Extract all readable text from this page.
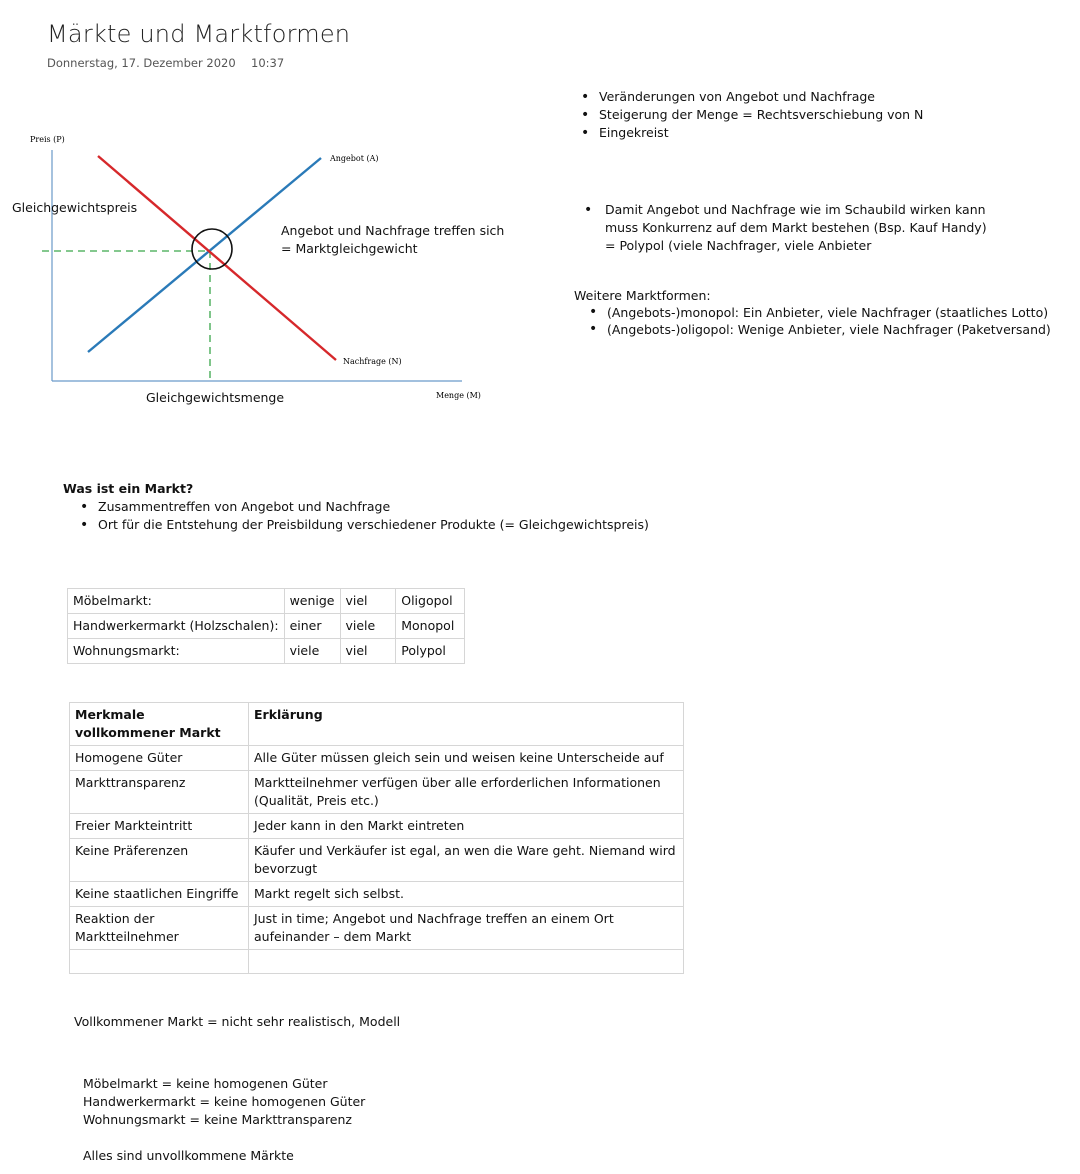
Märkte und Marktformen
Donnerstag, 17. Dezember 2020 10:37
Preis (P)
Menge (M)
Angebot (A)
Nachfrage (N)
Gleichgewichtspreis
Gleichgewichtsmenge
Angebot und Nachfrage treffen sich
= Marktgleichgewicht
• Veränderungen von Angebot und Nachfrage
• Steigerung der Menge = Rechtsverschiebung von N
• Eingekreist
• Damit Angebot und Nachfrage wie im Schaubild wirken kann
muss Konkurrenz auf dem Markt bestehen (Bsp. Kauf Handy)
= Polypol (viele Nachfrager, viele Anbieter
Weitere Marktformen:
• (Angebots-)monopol: Ein Anbieter, viele Nachfrager (staatliches Lotto)
• (Angebots-)oligopol: Wenige Anbieter, viele Nachfrager (Paketversand)
Was ist ein Markt?
• Zusammentreffen von Angebot und Nachfrage
• Ort für die Entstehung der Preisbildung verschiedener Produkte (= Gleichgewichtspreis)
Möbelmarkt:	wenige	viel	Oligopol
Handwerkermarkt (Holzschalen):	einer	viele	Monopol
Wohnungsmarkt:	viele	viel	Polypol
Merkmale vollkommener Markt	Erklärung
Homogene Güter	Alle Güter müssen gleich sein und weisen keine Unterscheide auf
Markttransparenz	Marktteilnehmer verfügen über alle erforderlichen Informationen (Qualität, Preis etc.)
Freier Markteintritt	Jeder kann in den Markt eintreten
Keine Präferenzen	Käufer und Verkäufer ist egal, an wen die Ware geht. Niemand wird bevorzugt
Keine staatlichen Eingriffe	Markt regelt sich selbst.
Reaktion der Marktteilnehmer	Just in time; Angebot und Nachfrage treffen an einem Ort aufeinander – dem Markt

Vollkommener Markt = nicht sehr realistisch, Modell
Möbelmarkt = keine homogenen Güter
Handwerkermarkt = keine homogenen Güter
Wohnungsmarkt = keine Markttransparenz
Alles sind unvollkommene Märkte
